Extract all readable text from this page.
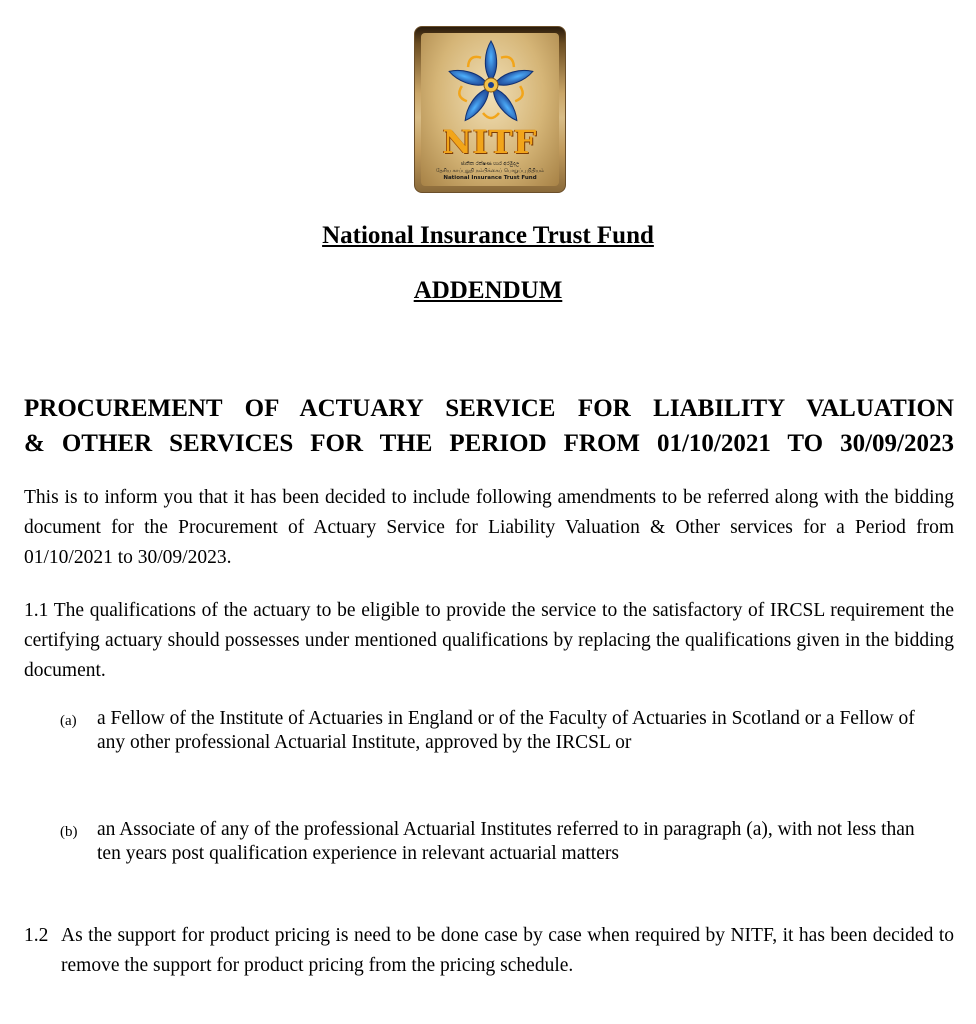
NITF
ජාතික රක්ෂණ භාර අරමුදල
தேசிய காப்புறுதி நம்பிக்கைப் பொறுப்பு நிதியம்
National Insurance Trust Fund
National Insurance Trust Fund
ADDENDUM
PROCUREMENT OF ACTUARY SERVICE FOR LIABILITY VALUATION
& OTHER SERVICES FOR THE PERIOD FROM 01/10/2021 TO 30/09/2023
This is to inform you that it has been decided to include following amendments to be referred along with the bidding document for the Procurement of Actuary Service for Liability Valuation & Other services for a Period from 01/10/2021 to 30/09/2023.
1.1 The qualifications of the actuary to be eligible to provide the service to the satisfactory of IRCSL requirement the certifying actuary should possesses under mentioned qualifications by replacing the qualifications given in the bidding document.
(a) a Fellow of the Institute of Actuaries in England or of the Faculty of Actuaries in Scotland or a Fellow of any other professional Actuarial Institute, approved by the IRCSL or
(b) an Associate of any of the professional Actuarial Institutes referred to in paragraph (a), with not less than ten years post qualification experience in relevant actuarial matters
1.2 As the support for product pricing is need to be done case by case when required by NITF, it has been decided to remove the support for product pricing from the pricing schedule.
